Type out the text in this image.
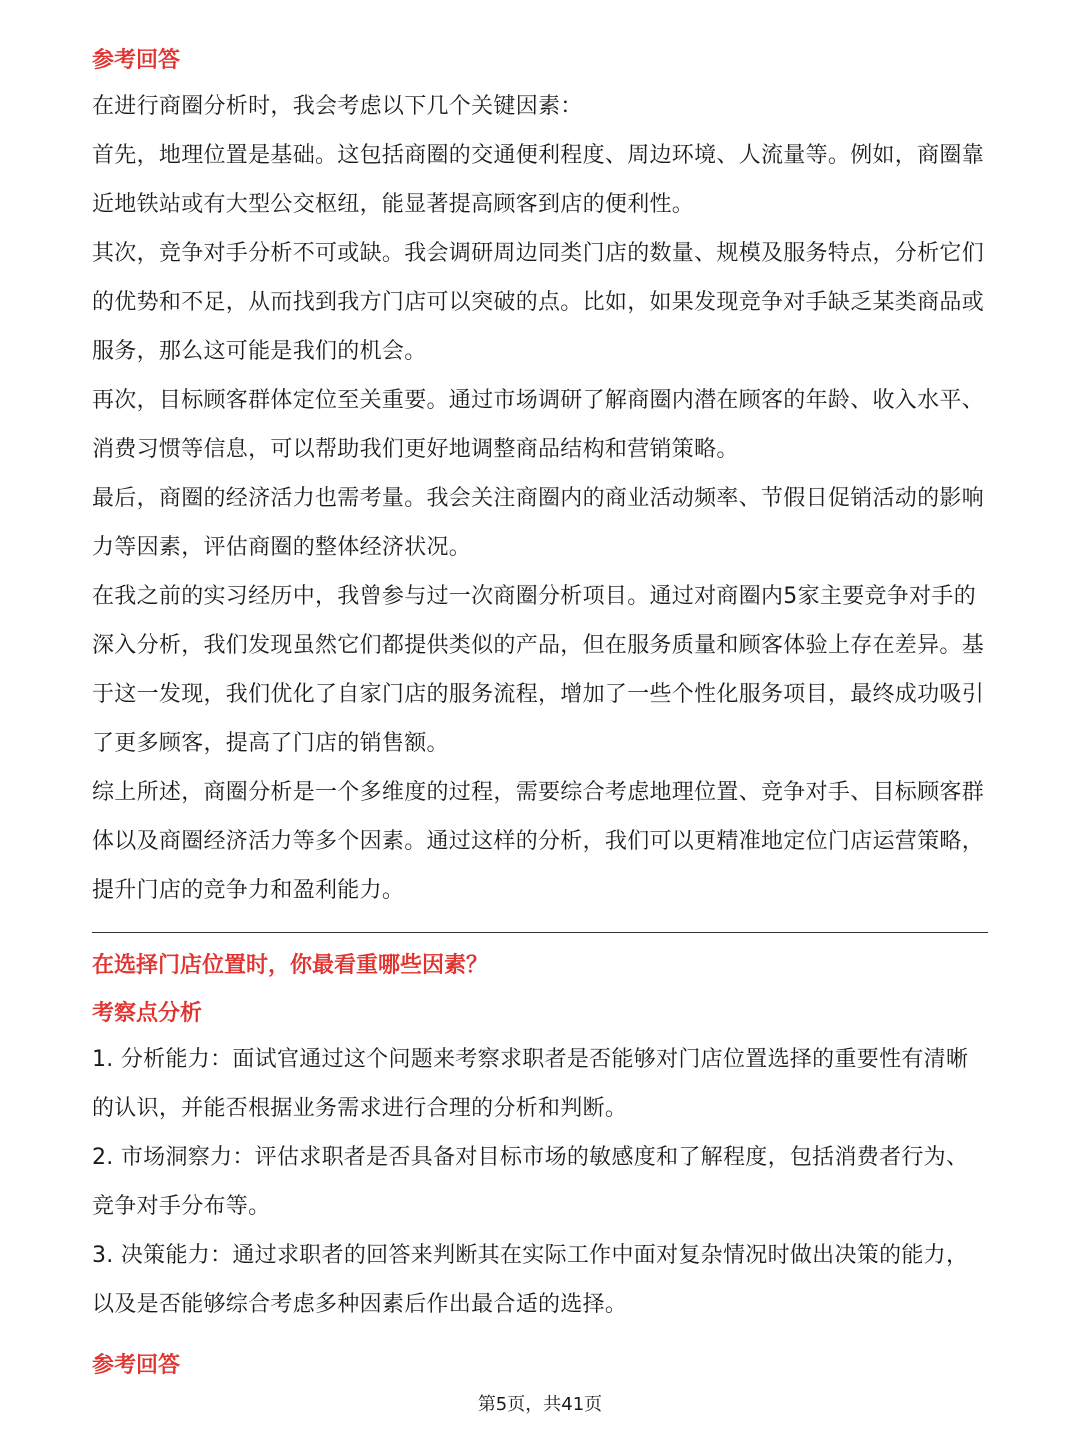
参考回答

在进行商圈分析时，我会考虑以下几个关键因素：

首先，地理位置是基础。这包括商圈的交通便利程度、周边环境、人流量等。例如，商圈靠近地铁站或有大型公交枢纽，能显著提高顾客到店的便利性。

其次，竞争对手分析不可或缺。我会调研周边同类门店的数量、规模及服务特点，分析它们的优势和不足，从而找到我方门店可以突破的点。比如，如果发现竞争对手缺乏某类商品或服务，那么这可能是我们的机会。

再次，目标顾客群体定位至关重要。通过市场调研了解商圈内潜在顾客的年龄、收入水平、消费习惯等信息，可以帮助我们更好地调整商品结构和营销策略。

最后，商圈的经济活力也需考量。我会关注商圈内的商业活动频率、节假日促销活动的影响力等因素，评估商圈的整体经济状况。

在我之前的实习经历中，我曾参与过一次商圈分析项目。通过对商圈内5家主要竞争对手的深入分析，我们发现虽然它们都提供类似的产品，但在服务质量和顾客体验上存在差异。基于这一发现，我们优化了自家门店的服务流程，增加了一些个性化服务项目，最终成功吸引了更多顾客，提高了门店的销售额。

综上所述，商圈分析是一个多维度的过程，需要综合考虑地理位置、竞争对手、目标顾客群体以及商圈经济活力等多个因素。通过这样的分析，我们可以更精准地定位门店运营策略，提升门店的竞争力和盈利能力。

在选择门店位置时，你最看重哪些因素？

考察点分析

1. 分析能力：面试官通过这个问题来考察求职者是否能够对门店位置选择的重要性有清晰的认识，并能否根据业务需求进行合理的分析和判断。

2. 市场洞察力：评估求职者是否具备对目标市场的敏感度和了解程度，包括消费者行为、竞争对手分布等。

3. 决策能力：通过求职者的回答来判断其在实际工作中面对复杂情况时做出决策的能力，以及是否能够综合考虑多种因素后作出最合适的选择。

参考回答

第5页，共41页
